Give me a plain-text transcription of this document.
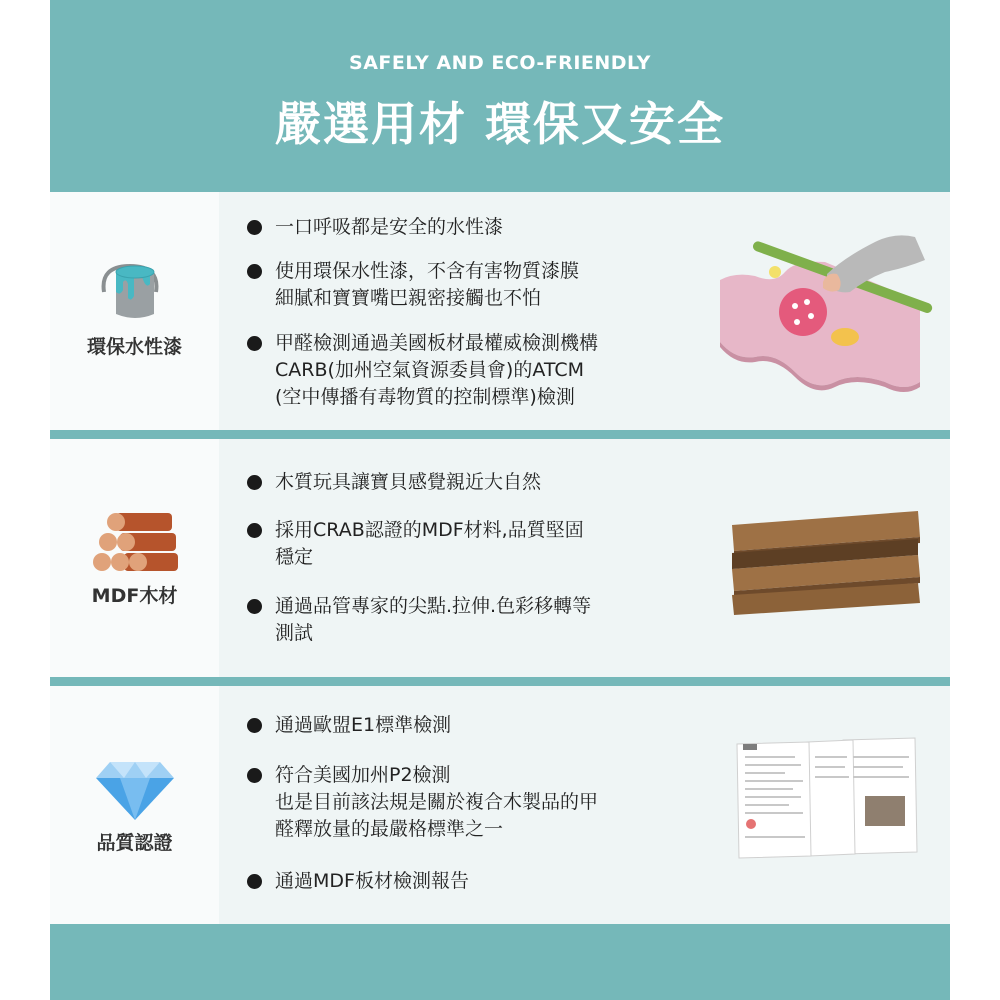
SAFELY AND ECO-FRIENDLY
嚴選用材 環保又安全
環保水性漆
一口呼吸都是安全的水性漆
使用環保水性漆，不含有害物質漆膜
細膩和寶寶嘴巴親密接觸也不怕
甲醛檢測通過美國板材最權威檢測機構
CARB(加州空氣資源委員會)的ATCM
(空中傳播有毒物質的控制標準)檢測
MDF木材
木質玩具讓寶貝感覺親近大自然
採用CRAB認證的MDF材料,品質堅固
穩定
通過品管專家的尖點.拉伸.色彩移轉等
測試
品質認證
通過歐盟E1標準檢測
符合美國加州P2檢測
也是目前該法規是關於複合木製品的甲
醛釋放量的最嚴格標準之一
通過MDF板材檢測報告
